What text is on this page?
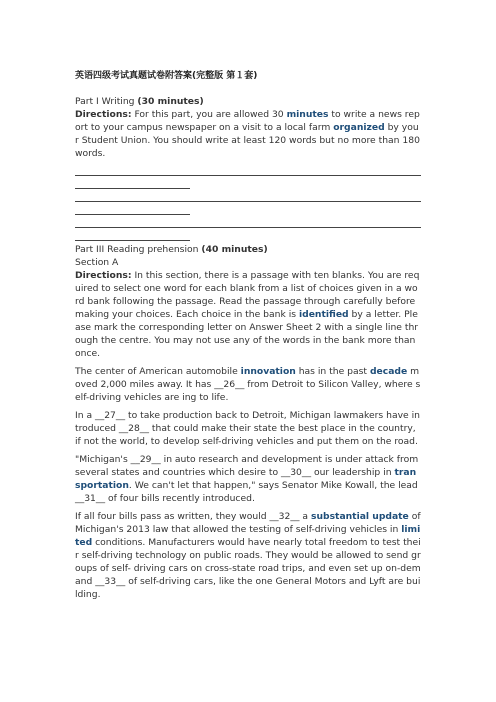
英语四级考试真题试卷附答案(完整版 第１套)

Part I Writing (30 minutes)

Directions: For this part, you are allowed 30 minutes to write a news report to your campus newspaper on a visit to a local farm organized by your Student Union. You should write at least 120 words but no more than 180 words.

Part III Reading prehension (40 minutes)

Section A

Directions: In this section, there is a passage with ten blanks. You are required to select one word for each blank from a list of choices given in a word bank following the passage. Read the passage through carefully before making your choices. Each choice in the bank is identified by a letter. Please mark the corresponding letter on Answer Sheet 2 with a single line through the centre. You may not use any of the words in the bank more than once.

The center of American automobile innovation has in the past decade moved 2,000 miles away. It has __26__ from Detroit to Silicon Valley, where self-driving vehicles are ing to life.

In a __27__ to take production back to Detroit, Michigan lawmakers have introduced __28__ that could make their state the best place in the country, if not the world, to develop self-driving vehicles and put them on the road.

"Michigan's __29__ in auto research and development is under attack from several states and countries which desire to __30__ our leadership in transportation. We can't let that happen," says Senator Mike Kowall, the lead __31__ of four bills recently introduced.

If all four bills pass as written, they would __32__ a substantial update of Michigan's 2013 law that allowed the testing of self-driving vehicles in limited conditions. Manufacturers would have nearly total freedom to test their self-driving technology on public roads. They would be allowed to send groups of self- driving cars on cross-state road trips, and even set up on-demand __33__ of self-driving cars, like the one General Motors and Lyft are building.
